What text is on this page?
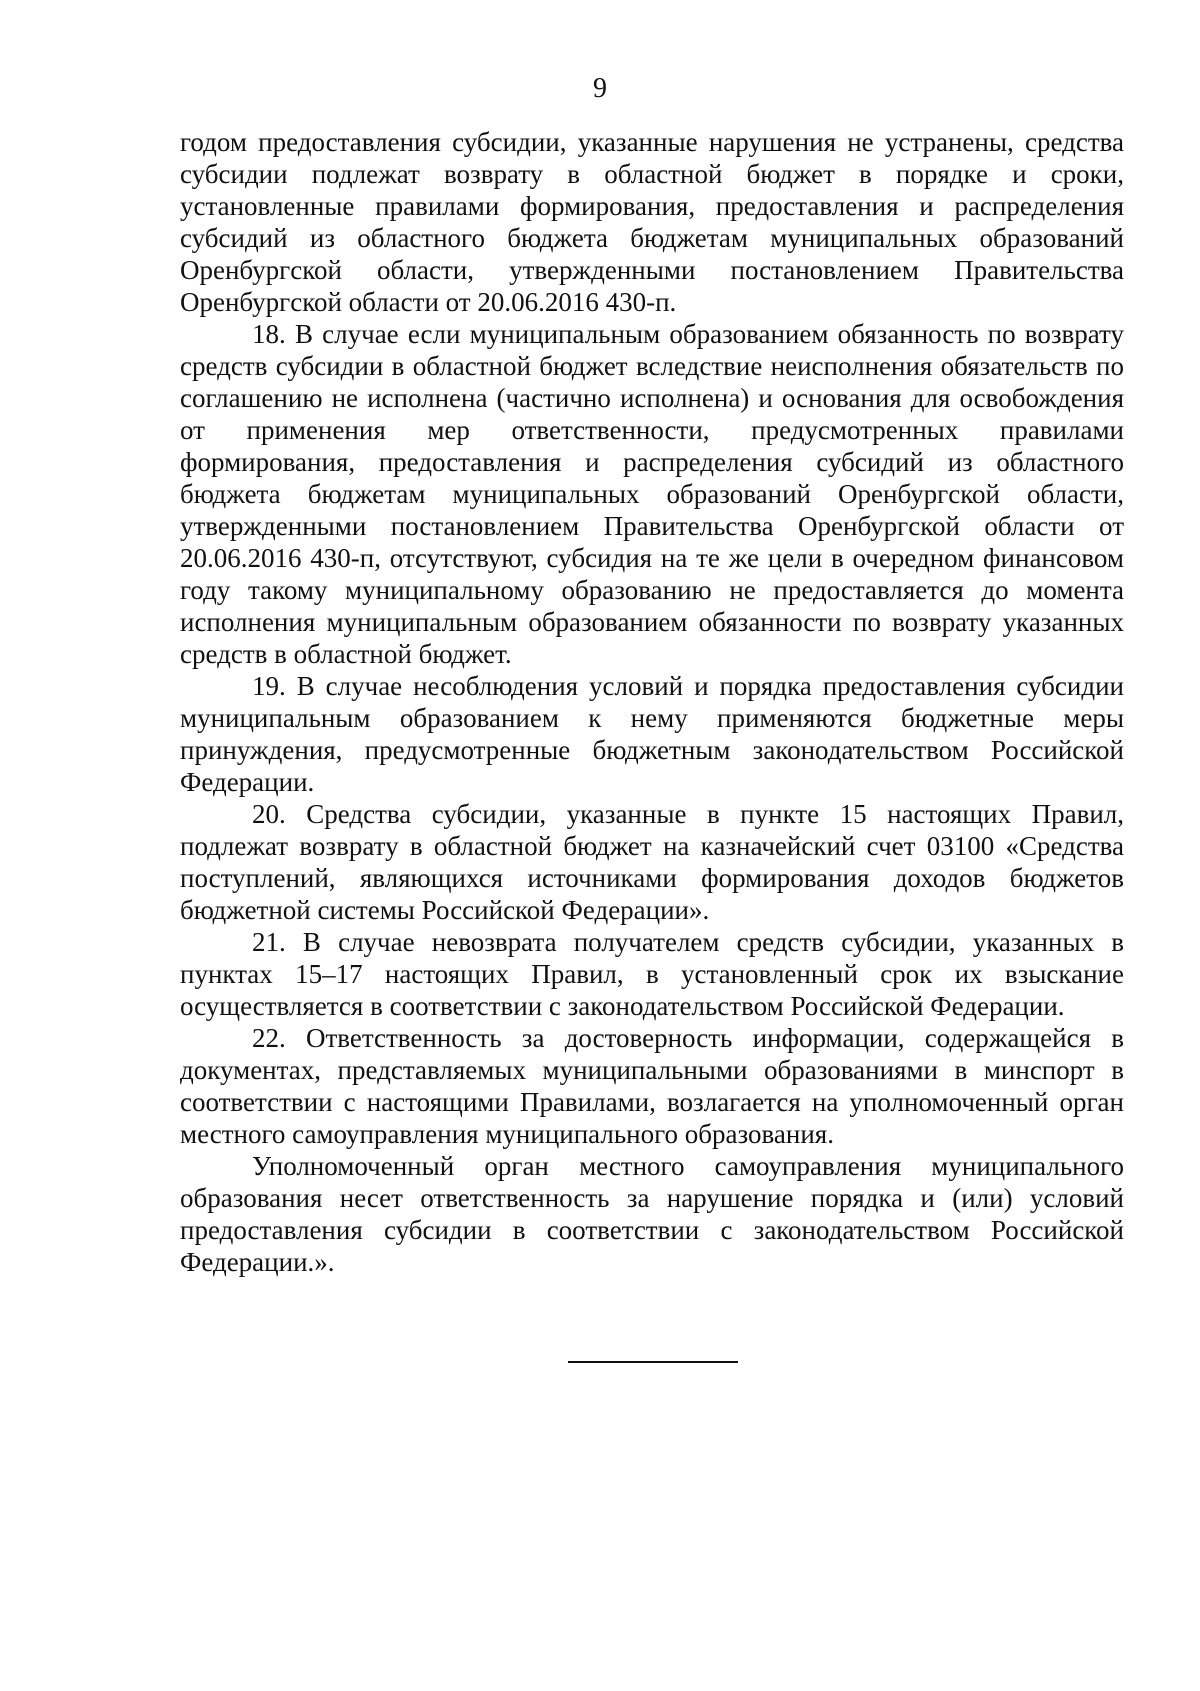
9

годом предоставления субсидии, указанные нарушения не устранены, средства субсидии подлежат возврату в областной бюджет в порядке и сроки, установленные правилами формирования, предоставления и распределения субсидий из областного бюджета бюджетам муниципальных образований Оренбургской области, утвержденными постановлением Правительства Оренбургской области от 20.06.2016 430-п.

18. В случае если муниципальным образованием обязанность по возврату средств субсидии в областной бюджет вследствие неисполнения обязательств по соглашению не исполнена (частично исполнена) и основания для освобождения от применения мер ответственности, предусмотренных правилами формирования, предоставления и распределения субсидий из областного бюджета бюджетам муниципальных образований Оренбургской области, утвержденными постановлением Правительства Оренбургской области от 20.06.2016 430-п, отсутствуют, субсидия на те же цели в очередном финансовом году такому муниципальному образованию не предоставляется до момента исполнения муниципальным образованием обязанности по возврату указанных средств в областной бюджет.

19. В случае несоблюдения условий и порядка предоставления субсидии муниципальным образованием к нему применяются бюджетные меры принуждения, предусмотренные бюджетным законодательством Российской Федерации.

20. Средства субсидии, указанные в пункте 15 настоящих Правил, подлежат возврату в областной бюджет на казначейский счет 03100 «Средства поступлений, являющихся источниками формирования доходов бюджетов бюджетной системы Российской Федерации».

21. В случае невозврата получателем средств субсидии, указанных в пунктах 15–17 настоящих Правил, в установленный срок их взыскание осуществляется в соответствии с законодательством Российской Федерации.

22. Ответственность за достоверность информации, содержащейся в документах, представляемых муниципальными образованиями в минспорт в соответствии с настоящими Правилами, возлагается на уполномоченный орган местного самоуправления муниципального образования.

Уполномоченный орган местного самоуправления муниципального образования несет ответственность за нарушение порядка и (или) условий предоставления субсидии в соответствии с законодательством Российской Федерации.».
